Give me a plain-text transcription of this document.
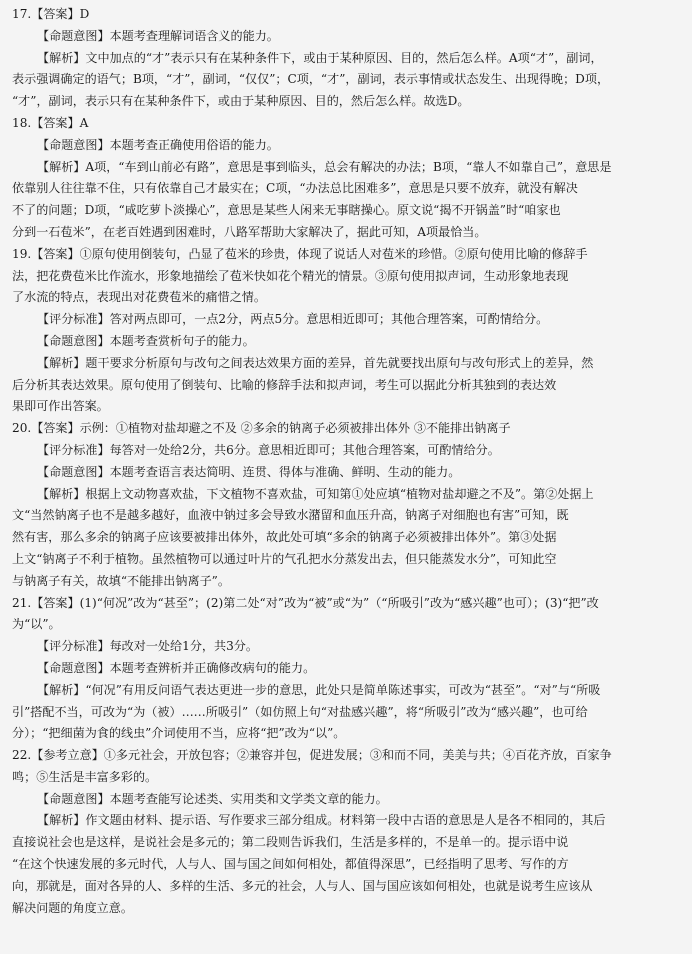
17.【答案】D

【命题意图】本题考查理解词语含义的能力。

【解析】文中加点的“才”表示只有在某种条件下，或由于某种原因、目的，然后怎么样。A项“才”，副词，

表示强调确定的语气；B项，“才”，副词，“仅仅”；C项，“才”，副词，表示事情或状态发生、出现得晚；D项，

“才”，副词，表示只有在某种条件下，或由于某种原因、目的，然后怎么样。故选D。

18.【答案】A

【命题意图】本题考查正确使用俗语的能力。

【解析】A项，“车到山前必有路”，意思是事到临头，总会有解决的办法；B项，“靠人不如靠自己”，意思是

依靠别人往往靠不住，只有依靠自己才最实在；C项，“办法总比困难多”，意思是只要不放弃，就没有解决

不了的问题；D项，“咸吃萝卜淡操心”，意思是某些人闲来无事瞎操心。原文说“揭不开锅盖”时“咱家也

分到一石苞米”，在老百姓遇到困难时，八路军帮助大家解决了，据此可知，A项最恰当。

19.【答案】①原句使用倒装句，凸显了苞米的珍贵，体现了说话人对苞米的珍惜。②原句使用比喻的修辞手

法，把花费苞米比作流水，形象地描绘了苞米快如花个精光的情景。③原句使用拟声词，生动形象地表现

了水流的特点，表现出对花费苞米的痛惜之情。

【评分标准】答对两点即可，一点2分，两点5分。意思相近即可；其他合理答案，可酌情给分。

【命题意图】本题考查赏析句子的能力。

【解析】题干要求分析原句与改句之间表达效果方面的差异，首先就要找出原句与改句形式上的差异，然

后分析其表达效果。原句使用了倒装句、比喻的修辞手法和拟声词，考生可以据此分析其独到的表达效

果即可作出答案。

20.【答案】示例：①植物对盐却避之不及 ②多余的钠离子必须被排出体外 ③不能排出钠离子

【评分标准】每答对一处给2分，共6分。意思相近即可；其他合理答案，可酌情给分。

【命题意图】本题考查语言表达简明、连贯、得体与准确、鲜明、生动的能力。

【解析】根据上文动物喜欢盐，下文植物不喜欢盐，可知第①处应填“植物对盐却避之不及”。第②处据上

文“当然钠离子也不是越多越好，血液中钠过多会导致水潴留和血压升高，钠离子对细胞也有害”可知，既

然有害，那么多余的钠离子应该要被排出体外，故此处可填“多余的钠离子必须被排出体外”。第③处据

上文“钠离子不利于植物。虽然植物可以通过叶片的气孔把水分蒸发出去，但只能蒸发水分”，可知此空

与钠离子有关，故填“不能排出钠离子”。

21.【答案】(1)“何况”改为“甚至”；(2)第二处“对”改为“被”或“为”（“所吸引”改为“感兴趣”也可）；(3)“把”改

为“以”。

【评分标准】每改对一处给1分，共3分。

【命题意图】本题考查辨析并正确修改病句的能力。

【解析】“何况”有用反问语气表达更进一步的意思，此处只是简单陈述事实，可改为“甚至”。“对”与“所吸

引”搭配不当，可改为“为（被）……所吸引”（如仿照上句“对盐感兴趣”，将“所吸引”改为“感兴趣”，也可给

分）；“把细菌为食的线虫”介词使用不当，应将“把”改为“以”。

22.【参考立意】①多元社会，开放包容；②兼容并包，促进发展；③和而不同，美美与共；④百花齐放，百家争

鸣；⑤生活是丰富多彩的。

【命题意图】本题考查能写论述类、实用类和文学类文章的能力。

【解析】作文题由材料、提示语、写作要求三部分组成。材料第一段中古语的意思是人是各不相同的，其后

直接说社会也是这样，是说社会是多元的；第二段则告诉我们，生活是多样的，不是单一的。提示语中说

“在这个快速发展的多元时代，人与人、国与国之间如何相处，都值得深思”，已经指明了思考、写作的方

向，那就是，面对各异的人、多样的生活、多元的社会，人与人、国与国应该如何相处，也就是说考生应该从

解决问题的角度立意。
